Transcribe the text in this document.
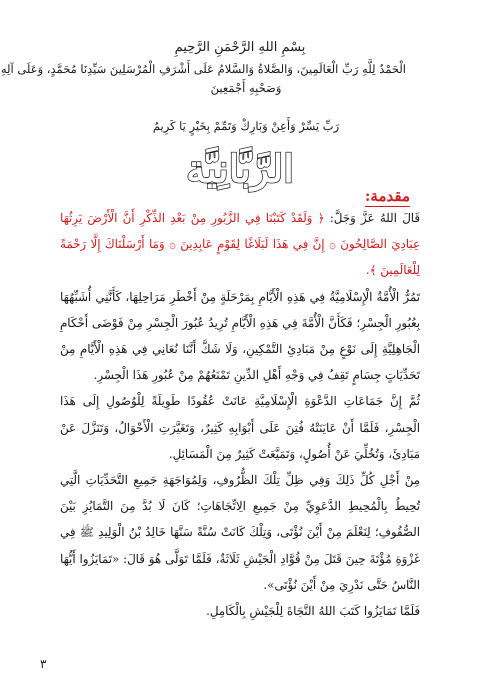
بِسْمِ اللهِ الرَّحْمَنِ الرَّحِيمِ
الْحَمْدُ لِلَّهِ رَبِّ الْعَالَمِينَ، وَالصَّلاةُ وَالسَّلامُ عَلَى أَشْرَفِ الْمُرْسَلِينَ سَيِّدِنَا مُحَمَّدٍ، وَعَلَى آلِهِ
وَصَحْبِهِ أَجْمَعِينَ
رَبِّ يَسِّرْ وَأَعِنْ وَبَارِكْ وَتَمِّمْ بِخَيْرٍ يَا كَرِيمُ
الرَّبَّانِيَّة
مقدمة:

قَالَ اللهُ عَزَّ وَجَلَّ: ﴿ وَلَقَدْ كَتَبْنَا فِي الزَّبُورِ مِنْ بَعْدِ الذِّكْرِ أَنَّ الْأَرْضَ يَرِثُهَا عِبَادِيَ الصَّالِحُونَ ۞ إِنَّ فِي هَذَا لَبَلَاغًا لِقَوْمٍ عَابِدِينَ ۞ وَمَا أَرْسَلْنَاكَ إِلَّا رَحْمَةً لِلْعَالَمِينَ ﴾.

تَمُرُّ الْأُمَّةُ الْإِسْلَامِيَّةُ فِي هَذِهِ الْأَيَّامِ بِمَرْحَلَةٍ مِنْ أَخْطَرِ مَرَاحِلِهَا، كَأَنَّنِي أُشَبِّهُهَا بِعُبُورِ الْجِسْرِ؛ فَكَأَنَّ الْأُمَّةَ فِي هَذِهِ الْأَيَّامِ تُرِيدُ عُبُورَ الْجِسْرِ مِنْ فَوْضَى أَحْكَامِ الْجَاهِلِيَّةِ إِلَى نَوْعٍ مِنْ مَبَادِئِ التَّمْكِينِ، وَلَا شَكَّ أَنَّنَا نُعَانِي فِي هَذِهِ الْأَيَّامِ مِنْ تَحَدِّيَاتٍ جِسَامٍ تَقِفُ فِي وَجْهِ أَهْلِ الدِّينِ تَمْنَعُهُمْ مِنْ عُبُورِ هَذَا الْجِسْرِ.

ثُمَّ إِنَّ جَمَاعَاتِ الدَّعْوَةِ الْإِسْلَامِيَّةِ عَانَتْ عُقُودًا طَوِيلَةً لِلْوُصُولِ إِلَى هَذَا الْجِسْرِ، فَلَمَّا أَنْ عَايَنَتْهُ فُتِنَ عَلَى أَبْوَابِهِ كَثِيرٌ، وَتَغَيَّرَتِ الْأَحْوَالُ، وَتَنَزَّلَ عَنْ مَبَادِئَ، وَتُخُلِّيَ عَنْ أُصُولٍ، وَتَمَيَّعَتْ كَثِيرٌ مِنَ الْمَسَائِلِ.

مِنْ أَجْلِ كُلِّ ذَلِكَ وَفِي ظِلِّ تِلْكَ الظُّرُوفِ، وَلِمُوَاجَهَةِ جَمِيعِ التَّحَدِّيَاتِ الَّتِي تُحِيطُ بِالْمُحِيطِ الدَّعَوِيِّ مِنْ جَمِيعِ الِاتِّجَاهَاتِ؛ كَانَ لَا بُدَّ مِنَ التَّمَايُزِ بَيْنَ الصُّفُوفِ؛ لِنَعْلَمَ مِنْ أَيْنَ نُؤْتَى، وَتِلْكَ كَانَتْ سُنَّةً سَنَّهَا خَالِدُ بْنُ الْوَلِيدِ ﷺ فِي غَزْوَةِ مُؤْتَةَ حِينَ قَتَلَ مِنْ قُوَّادِ الْجَيْشِ ثَلَاثَةٌ، فَلَمَّا تَوَلَّى هُوَ قَالَ: «تَمَايَزُوا أَيُّهَا النَّاسُ حَتَّى نَدْرِيَ مِنْ أَيْنَ نُؤْتَى».

فَلَمَّا تَمَايَزُوا كَتَبَ اللهُ النَّجَاةَ لِلْجَيْشِ بِالْكَامِلِ.

٣
